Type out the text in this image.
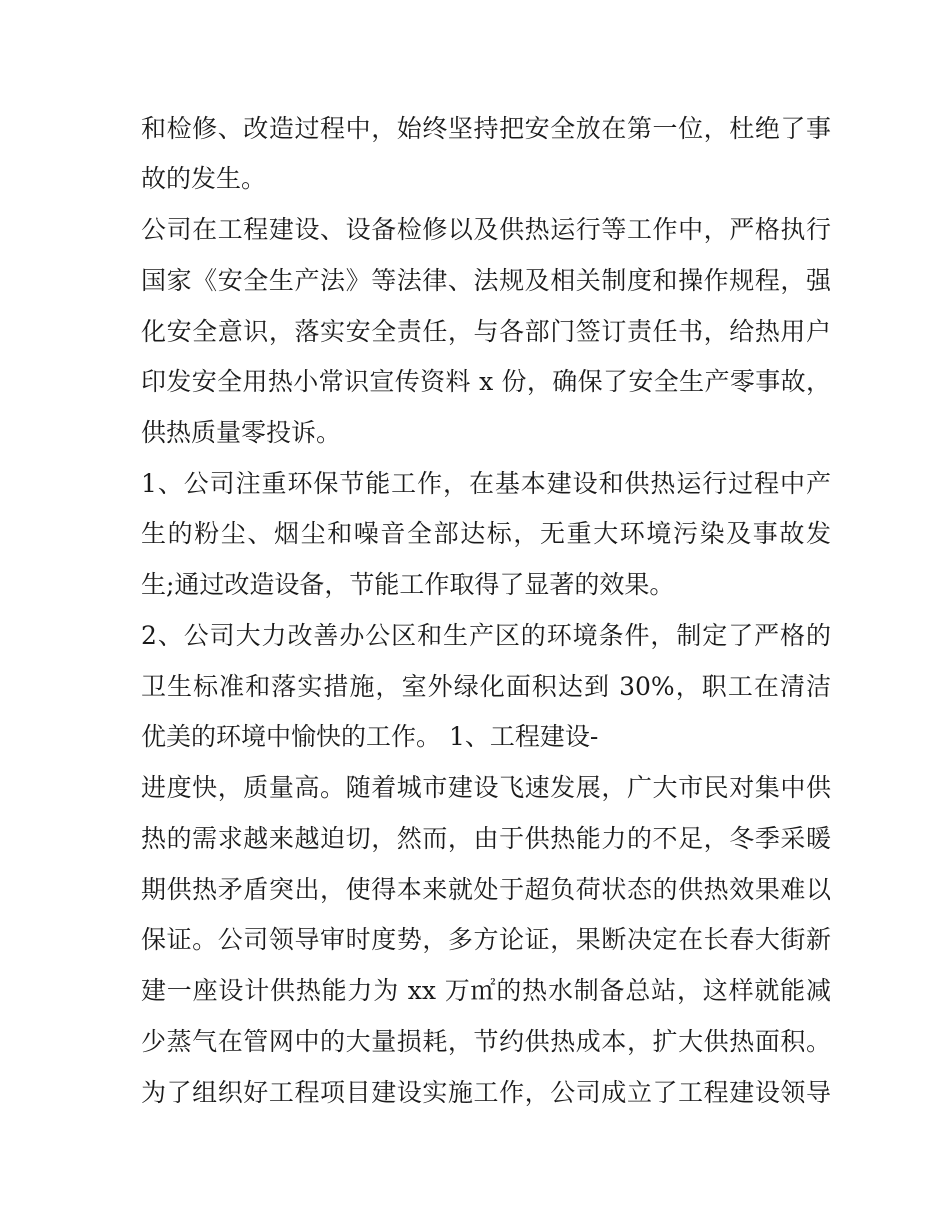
和检修、改造过程中，始终坚持把安全放在第一位，杜绝了事
故的发生。
公司在工程建设、设备检修以及供热运行等工作中，严格执行
国家《安全生产法》等法律、法规及相关制度和操作规程，强
化安全意识，落实安全责任，与各部门签订责任书，给热用户
印发安全用热小常识宣传资料 x 份，确保了安全生产零事故，
供热质量零投诉。
1、公司注重环保节能工作，在基本建设和供热运行过程中产
生的粉尘、烟尘和噪音全部达标，无重大环境污染及事故发
生;通过改造设备，节能工作取得了显著的效果。
2、公司大力改善办公区和生产区的环境条件，制定了严格的
卫生标准和落实措施，室外绿化面积达到 30%，职工在清洁
优美的环境中愉快的工作。 1、工程建设-
进度快，质量高。随着城市建设飞速发展，广大市民对集中供
热的需求越来越迫切，然而，由于供热能力的不足，冬季采暖
期供热矛盾突出，使得本来就处于超负荷状态的供热效果难以
保证。公司领导审时度势，多方论证，果断决定在长春大街新
建一座设计供热能力为 xx 万㎡的热水制备总站，这样就能减
少蒸气在管网中的大量损耗，节约供热成本，扩大供热面积。
为了组织好工程项目建设实施工作，公司成立了工程建设领导
